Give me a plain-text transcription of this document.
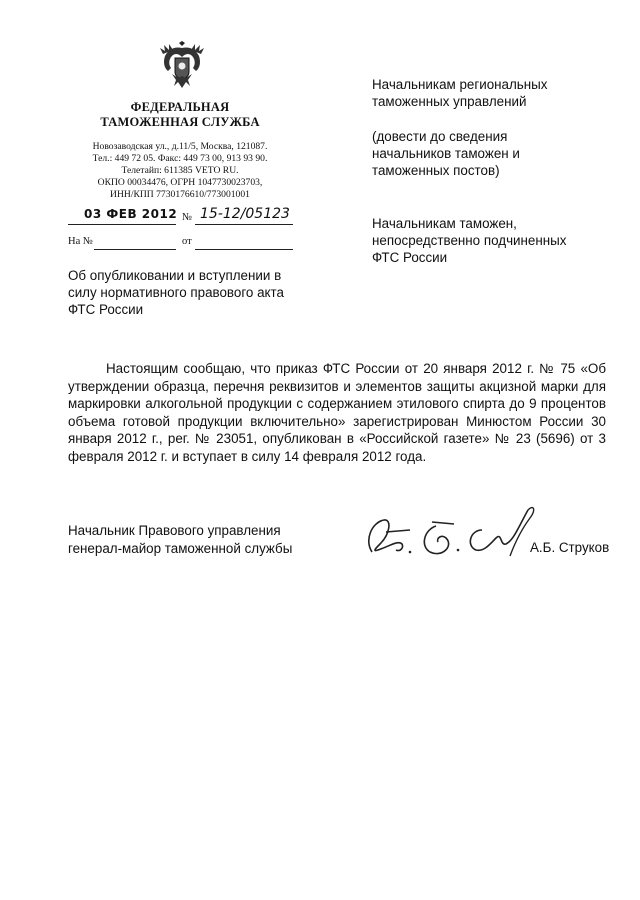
ФЕДЕРАЛЬНАЯ
ТАМОЖЕННАЯ СЛУЖБА
Новозаводская ул., д.11/5, Москва, 121087.
Тел.: 449 72 05. Факс: 449 73 00, 913 93 90.
Телетайп: 611385 VETO RU.
ОКПО 00034476, ОГРН 1047730023703,
ИНН/КПП 7730176610/773001001
03 ФЕВ 2012 № 15-12/05123
На №	от
Начальникам региональных
таможенных управлений
(довести до сведения
начальников таможен и
таможенных постов)
Начальникам таможен,
непосредственно подчиненных
ФТС России
Об опубликовании и вступлении в
силу нормативного правового акта
ФТС России
Настоящим сообщаю, что приказ ФТС России от 20 января 2012 г. № 75 «Об утверждении образца, перечня реквизитов и элементов защиты акцизной марки для маркировки алкогольной продукции с содержанием этилового спирта до 9 процентов объема готовой продукции включительно» зарегистрирован Минюстом России 30 января 2012 г., рег. № 23051, опубликован в «Российской газете» № 23 (5696) от 3 февраля 2012 г. и вступает в силу 14 февраля 2012 года.
Начальник Правового управления
генерал-майор таможенной службы	А.Б. Струков
